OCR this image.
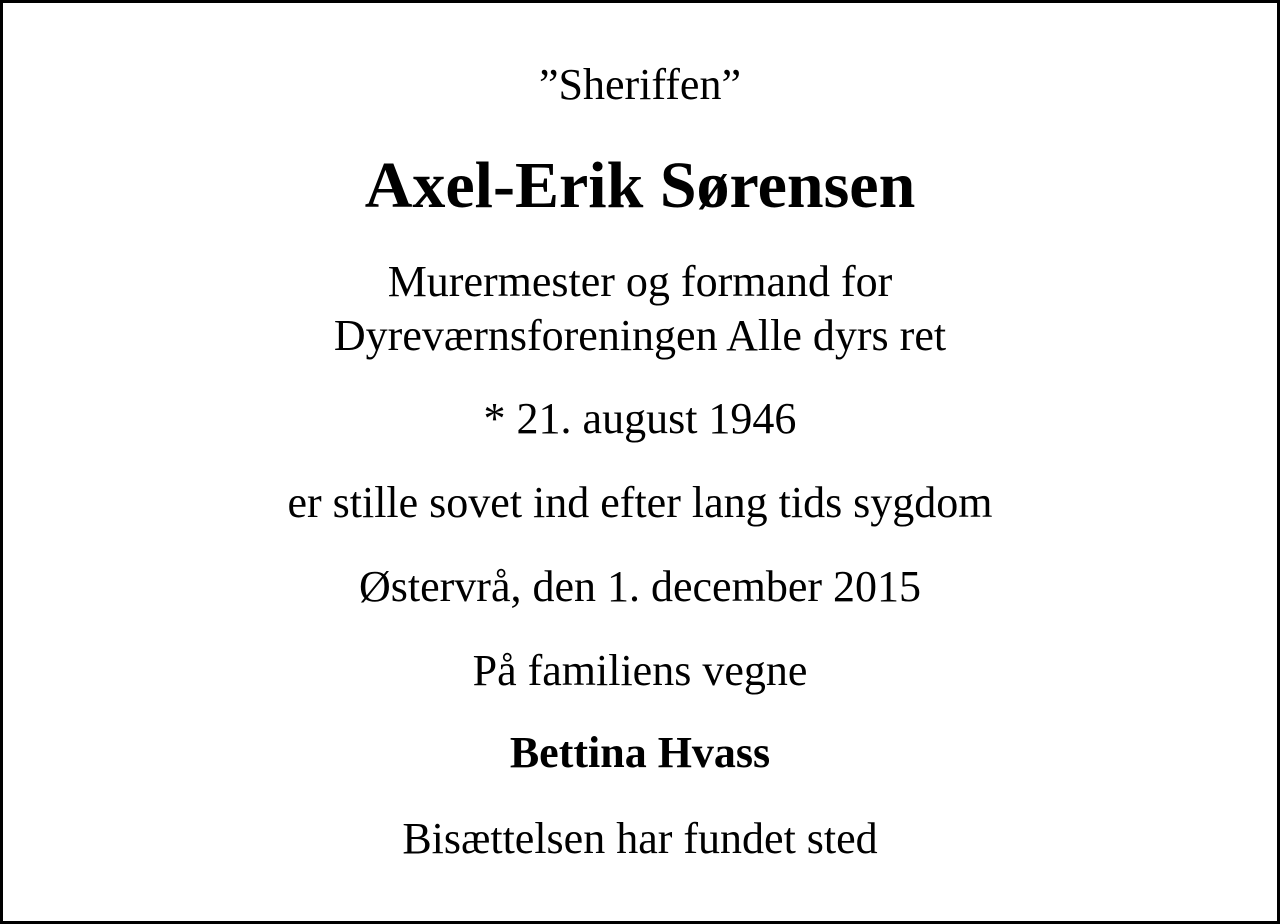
”Sheriffen”
Axel-Erik Sørensen
Murermester og formand for
Dyreværnsforeningen Alle dyrs ret
* 21. august 1946
er stille sovet ind efter lang tids sygdom
Østervrå, den 1. december 2015
På familiens vegne
Bettina Hvass
Bisættelsen har fundet sted
